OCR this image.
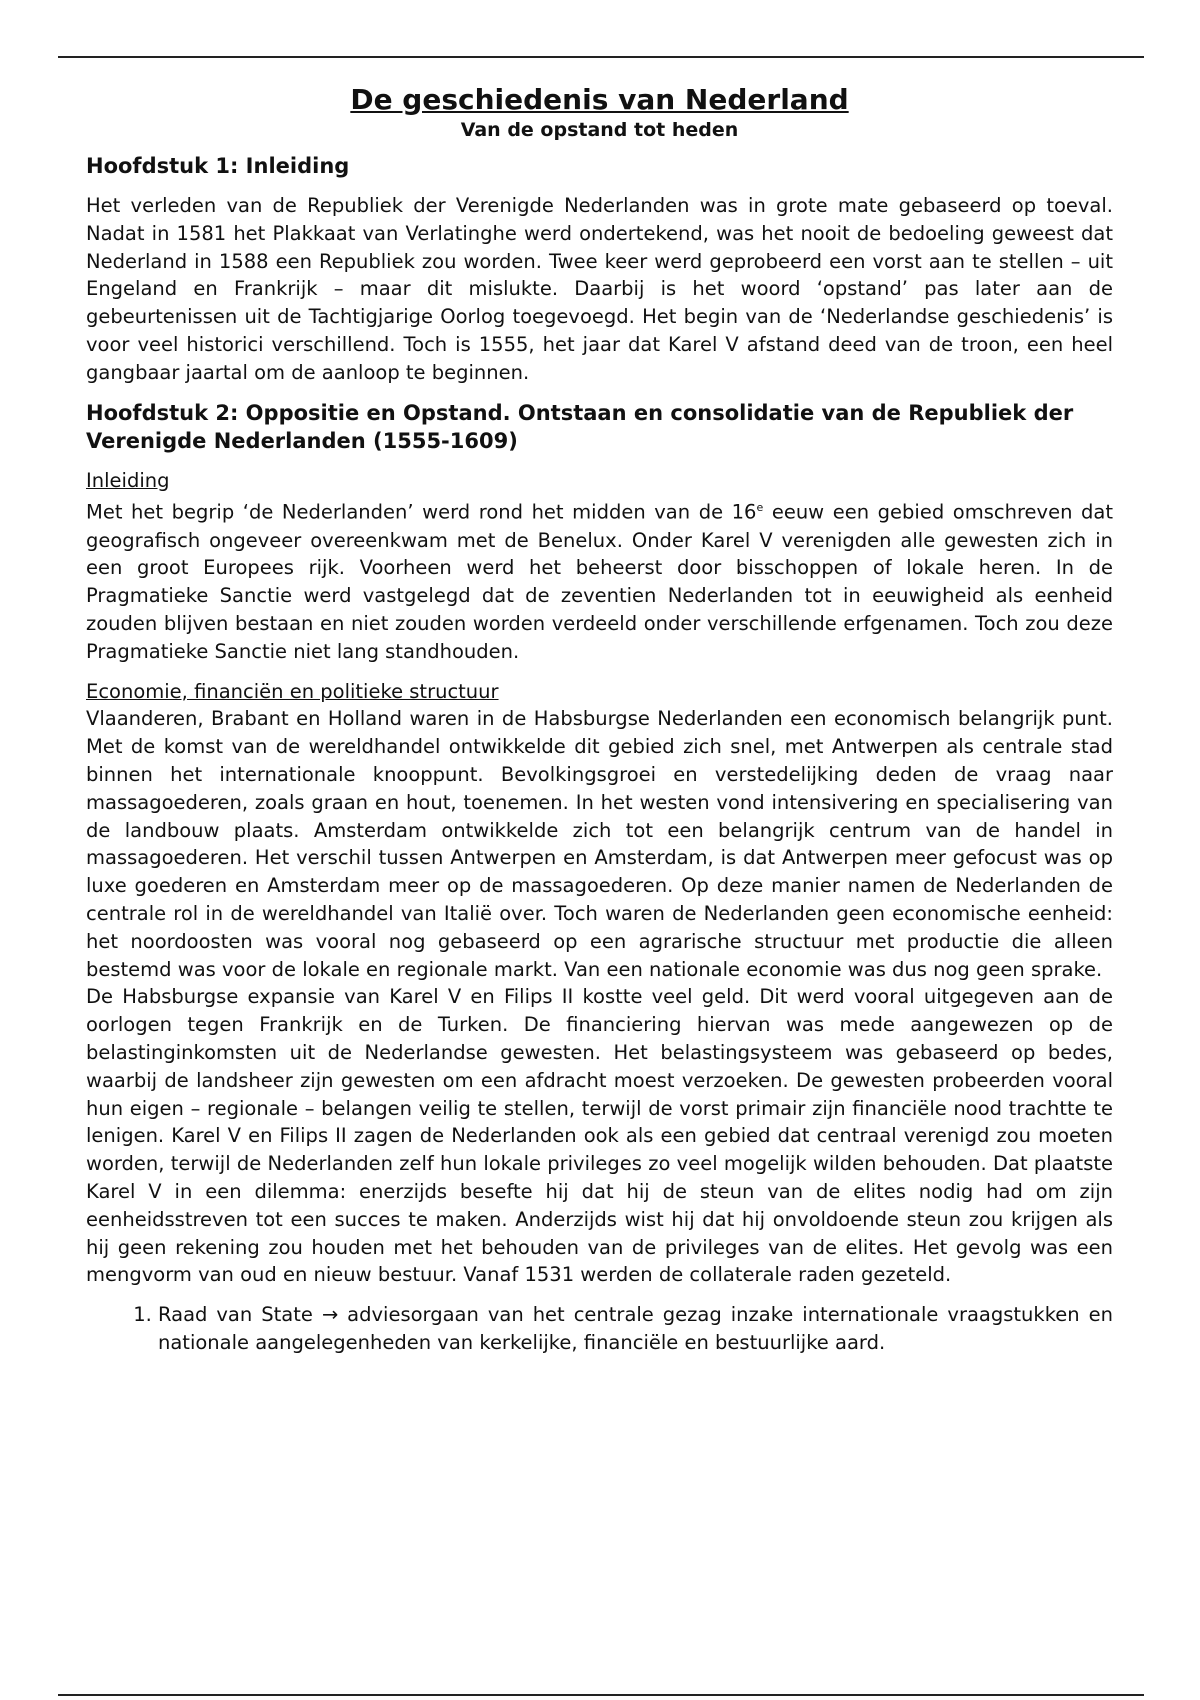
De geschiedenis van Nederland
Van de opstand tot heden
Hoofdstuk 1: Inleiding

Het verleden van de Republiek der Verenigde Nederlanden was in grote mate gebaseerd op toeval. Nadat in 1581 het Plakkaat van Verlatinghe werd ondertekend, was het nooit de bedoeling geweest dat Nederland in 1588 een Republiek zou worden. Twee keer werd geprobeerd een vorst aan te stellen – uit Engeland en Frankrijk – maar dit mislukte. Daarbij is het woord ‘opstand’ pas later aan de gebeurtenissen uit de Tachtigjarige Oorlog toegevoegd. Het begin van de ‘Nederlandse geschiedenis’ is voor veel historici verschillend. Toch is 1555, het jaar dat Karel V afstand deed van de troon, een heel gangbaar jaartal om de aanloop te beginnen.

Hoofdstuk 2: Oppositie en Opstand. Ontstaan en consolidatie van de Republiek der Verenigde Nederlanden (1555-1609)
Inleiding

Met het begrip ‘de Nederlanden’ werd rond het midden van de 16e eeuw een gebied omschreven dat geografisch ongeveer overeenkwam met de Benelux. Onder Karel V verenigden alle gewesten zich in een groot Europees rijk. Voorheen werd het beheerst door bisschoppen of lokale heren. In de Pragmatieke Sanctie werd vastgelegd dat de zeventien Nederlanden tot in eeuwigheid als eenheid zouden blijven bestaan en niet zouden worden verdeeld onder verschillende erfgenamen. Toch zou deze Pragmatieke Sanctie niet lang standhouden.

Economie, financiën en politieke structuur

Vlaanderen, Brabant en Holland waren in de Habsburgse Nederlanden een economisch belangrijk punt. Met de komst van de wereldhandel ontwikkelde dit gebied zich snel, met Antwerpen als centrale stad binnen het internationale knooppunt. Bevolkingsgroei en verstedelijking deden de vraag naar massagoederen, zoals graan en hout, toenemen. In het westen vond intensivering en specialisering van de landbouw plaats. Amsterdam ontwikkelde zich tot een belangrijk centrum van de handel in massagoederen. Het verschil tussen Antwerpen en Amsterdam, is dat Antwerpen meer gefocust was op luxe goederen en Amsterdam meer op de massagoederen. Op deze manier namen de Nederlanden de centrale rol in de wereldhandel van Italië over. Toch waren de Nederlanden geen economische eenheid: het noordoosten was vooral nog gebaseerd op een agrarische structuur met productie die alleen bestemd was voor de lokale en regionale markt. Van een nationale economie was dus nog geen sprake.

De Habsburgse expansie van Karel V en Filips II kostte veel geld. Dit werd vooral uitgegeven aan de oorlogen tegen Frankrijk en de Turken. De financiering hiervan was mede aangewezen op de belastinginkomsten uit de Nederlandse gewesten. Het belastingsysteem was gebaseerd op bedes, waarbij de landsheer zijn gewesten om een afdracht moest verzoeken. De gewesten probeerden vooral hun eigen – regionale – belangen veilig te stellen, terwijl de vorst primair zijn financiële nood trachtte te lenigen. Karel V en Filips II zagen de Nederlanden ook als een gebied dat centraal verenigd zou moeten worden, terwijl de Nederlanden zelf hun lokale privileges zo veel mogelijk wilden behouden. Dat plaatste Karel V in een dilemma: enerzijds besefte hij dat hij de steun van de elites nodig had om zijn eenheidsstreven tot een succes te maken. Anderzijds wist hij dat hij onvoldoende steun zou krijgen als hij geen rekening zou houden met het behouden van de privileges van de elites. Het gevolg was een mengvorm van oud en nieuw bestuur. Vanaf 1531 werden de collaterale raden gezeteld.

1. Raad van State → adviesorgaan van het centrale gezag inzake internationale vraagstukken en nationale aangelegenheden van kerkelijke, financiële en bestuurlijke aard.
